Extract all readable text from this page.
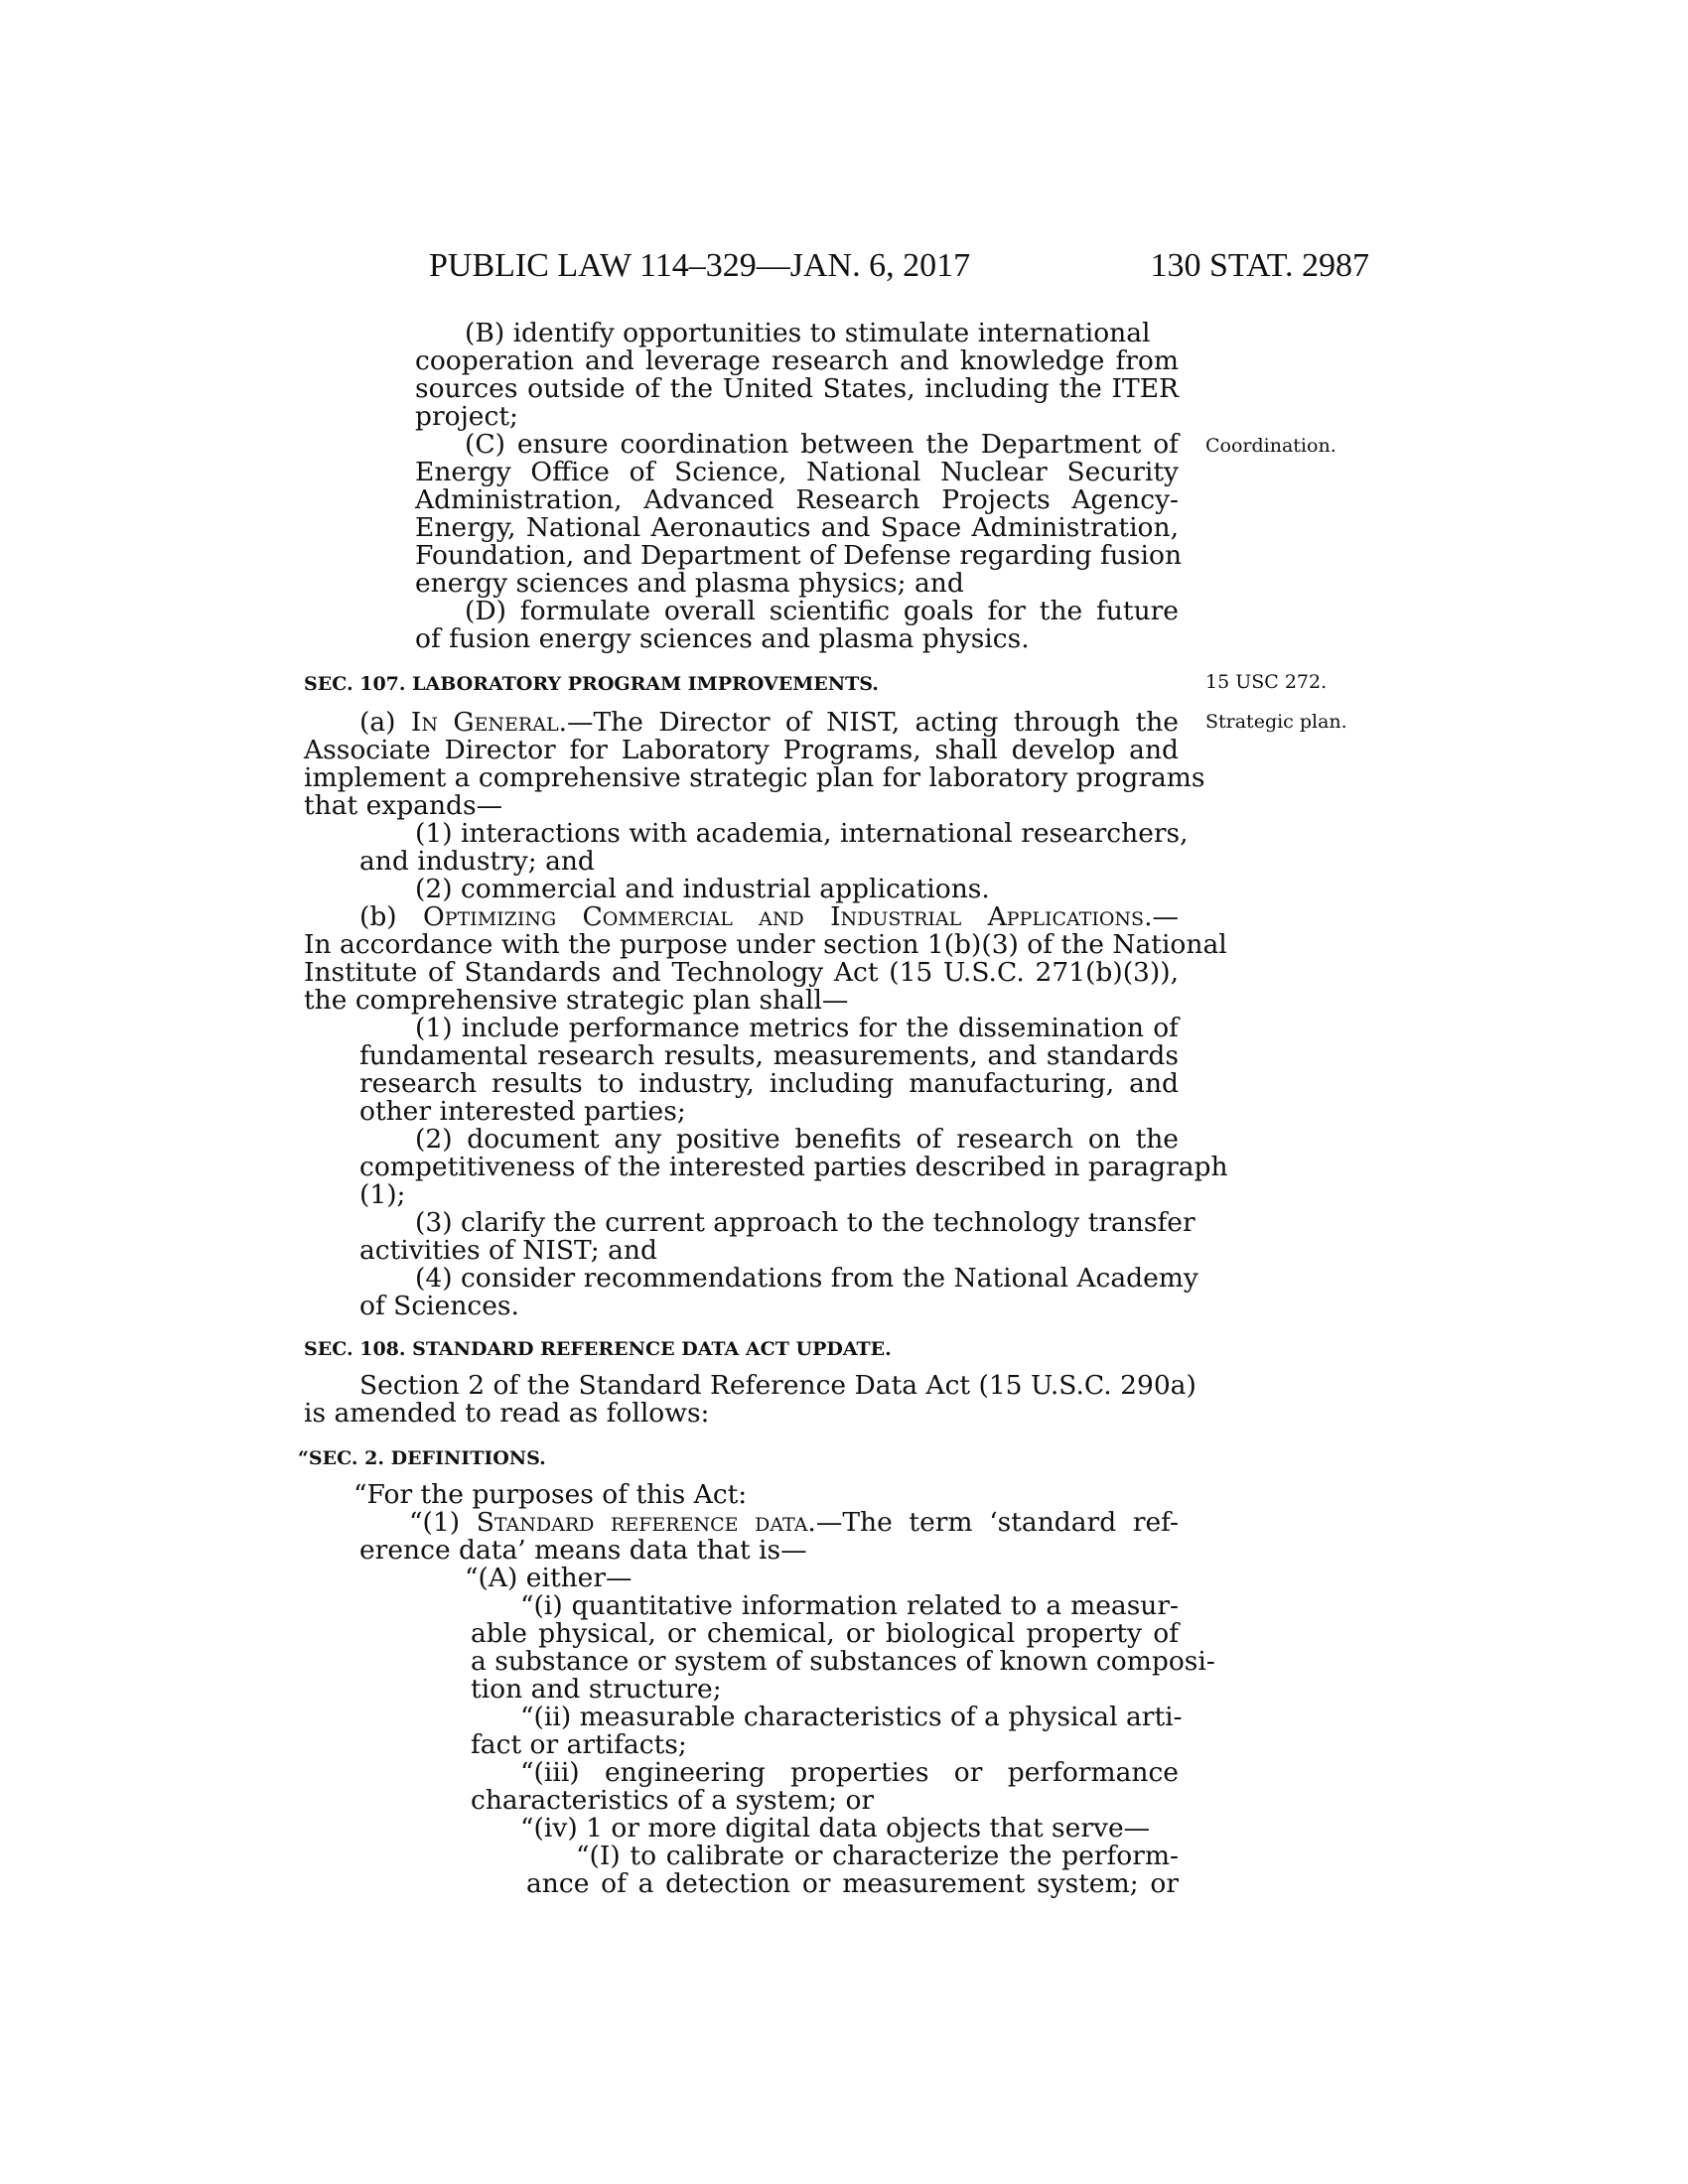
PUBLIC LAW 114–329—JAN. 6, 2017	130 STAT. 2987
Coordination.
15 USC 272.
Strategic plan.
(B) identify opportunities to stimulate international
cooperation and leverage research and knowledge from
sources outside of the United States, including the ITER
project;
(C) ensure coordination between the Department of
Energy Office of Science, National Nuclear Security
Administration, Advanced Research Projects Agency-
Energy, National Aeronautics and Space Administration,
Foundation, and Department of Defense regarding fusion
energy sciences and plasma physics; and
(D) formulate overall scientific goals for the future
of fusion energy sciences and plasma physics.
SEC. 107. LABORATORY PROGRAM IMPROVEMENTS.
(a) In General.—The Director of NIST, acting through the
Associate Director for Laboratory Programs, shall develop and
implement a comprehensive strategic plan for laboratory programs
that expands—
(1) interactions with academia, international researchers,
and industry; and
(2) commercial and industrial applications.
(b) Optimizing Commercial and Industrial Applications.—
In accordance with the purpose under section 1(b)(3) of the National
Institute of Standards and Technology Act (15 U.S.C. 271(b)(3)),
the comprehensive strategic plan shall—
(1) include performance metrics for the dissemination of
fundamental research results, measurements, and standards
research results to industry, including manufacturing, and
other interested parties;
(2) document any positive benefits of research on the
competitiveness of the interested parties described in paragraph
(1);
(3) clarify the current approach to the technology transfer
activities of NIST; and
(4) consider recommendations from the National Academy
of Sciences.
SEC. 108. STANDARD REFERENCE DATA ACT UPDATE.
Section 2 of the Standard Reference Data Act (15 U.S.C. 290a)
is amended to read as follows:
“SEC. 2. DEFINITIONS.
“For the purposes of this Act:
“(1) Standard reference data.—The term ‘standard ref-
erence data’ means data that is—
“(A) either—
“(i) quantitative information related to a measur-
able physical, or chemical, or biological property of
a substance or system of substances of known composi-
tion and structure;
“(ii) measurable characteristics of a physical arti-
fact or artifacts;
“(iii) engineering properties or performance
characteristics of a system; or
“(iv) 1 or more digital data objects that serve—
“(I) to calibrate or characterize the perform-
ance of a detection or measurement system; or
